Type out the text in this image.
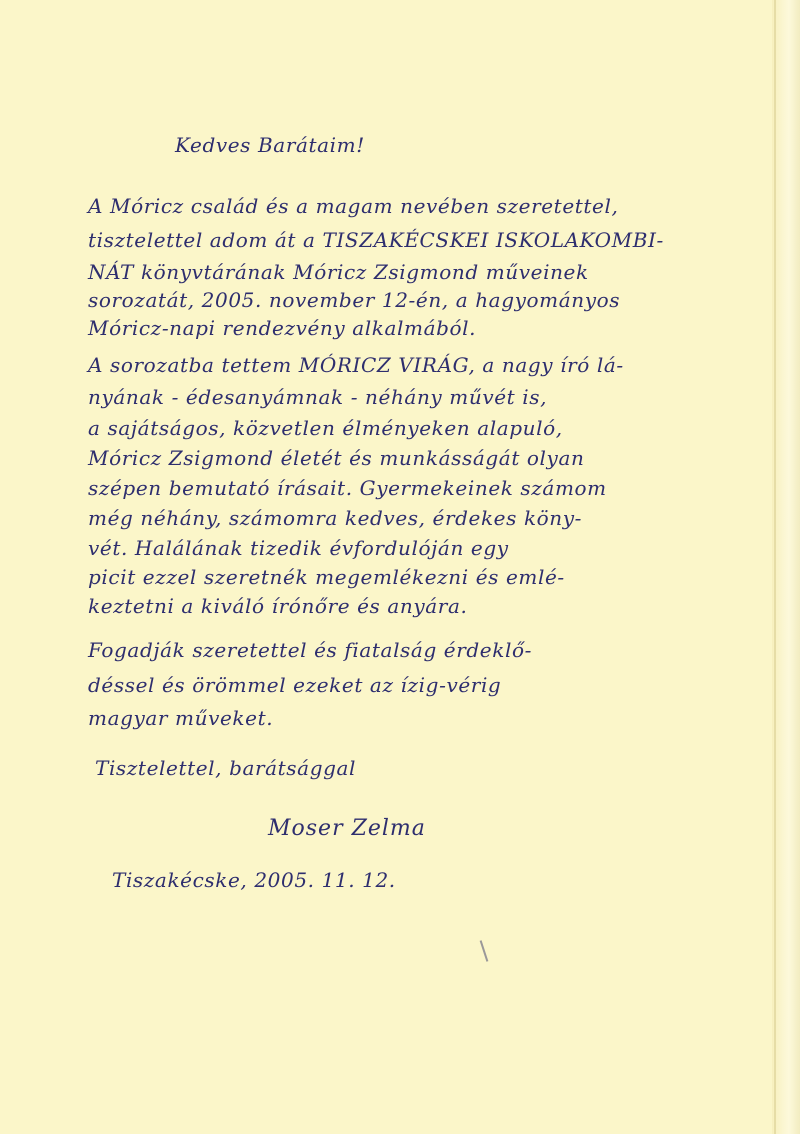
Kedves Barátaim!
A Móricz család és a magam nevében szeretettel,
tisztelettel adom át a TISZAKÉCSKEI ISKOLAKOMBI-
NÁT könyvtárának Móricz Zsigmond műveinek
sorozatát, 2005. november 12-én, a hagyományos
Móricz-napi rendezvény alkalmából.
A sorozatba tettem MÓRICZ VIRÁG, a nagy író lá-
nyának - édesanyámnak - néhány művét is,
a sajátságos, közvetlen élményeken alapuló,
Móricz Zsigmond életét és munkásságát olyan
szépen bemutató írásait. Gyermekeinek számom
még néhány, számomra kedves, érdekes köny-
vét. Halálának tizedik évfordulóján egy
picit ezzel szeretnék megemlékezni és emlé-
keztetni a kiváló írónőre és anyára.
Fogadják szeretettel és fiatalság érdeklő-
déssel és örömmel ezeket az ízig-vérig
magyar műveket.
Tisztelettel, barátsággal
Moser Zelma
Tiszakécske, 2005. 11. 12.
